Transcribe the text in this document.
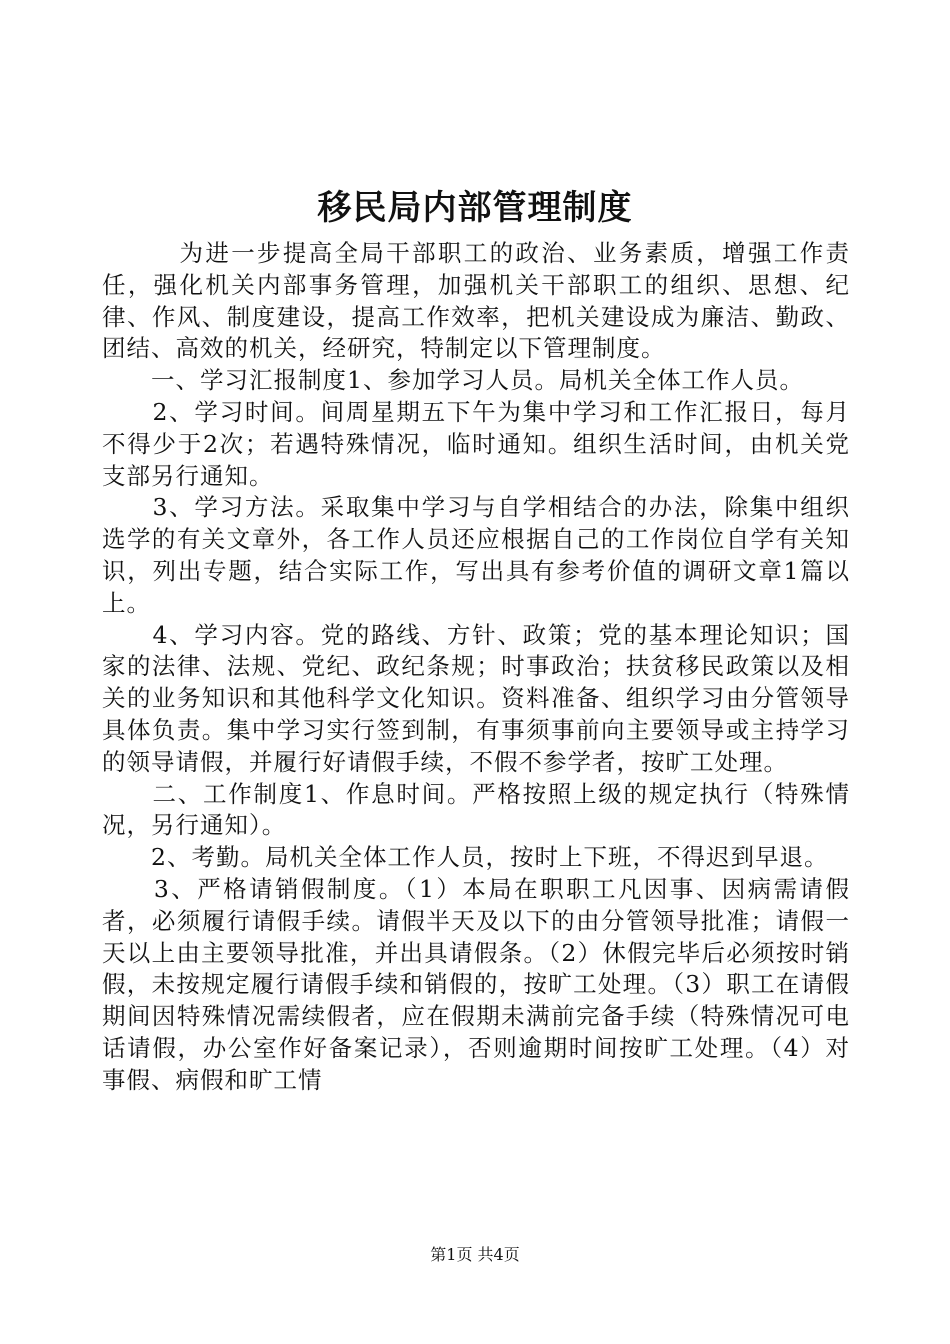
移民局内部管理制度

　　　为进一步提高全局干部职工的政治、业务素质，增强工作责任，强化机关内部事务管理，加强机关干部职工的组织、思想、纪律、作风、制度建设，提高工作效率，把机关建设成为廉洁、勤政、团结、高效的机关，经研究，特制定以下管理制度。

　　一、学习汇报制度1、参加学习人员。局机关全体工作人员。

　　2、学习时间。间周星期五下午为集中学习和工作汇报日，每月不得少于2次；若遇特殊情况，临时通知。组织生活时间，由机关党支部另行通知。

　　3、学习方法。采取集中学习与自学相结合的办法，除集中组织选学的有关文章外，各工作人员还应根据自己的工作岗位自学有关知识，列出专题，结合实际工作，写出具有参考价值的调研文章1篇以上。

　　4、学习内容。党的路线、方针、政策；党的基本理论知识；国家的法律、法规、党纪、政纪条规；时事政治；扶贫移民政策以及相关的业务知识和其他科学文化知识。资料准备、组织学习由分管领导具体负责。集中学习实行签到制，有事须事前向主要领导或主持学习的领导请假，并履行好请假手续，不假不参学者，按旷工处理。

　　二、工作制度1、作息时间。严格按照上级的规定执行（特殊情况，另行通知）。

　　2、考勤。局机关全体工作人员，按时上下班，不得迟到早退。

　　3、严格请销假制度。（1）本局在职职工凡因事、因病需请假者，必须履行请假手续。请假半天及以下的由分管领导批准；请假一天以上由主要领导批准，并出具请假条。（2）休假完毕后必须按时销假，未按规定履行请假手续和销假的，按旷工处理。（3）职工在请假期间因特殊情况需续假者，应在假期未满前完备手续（特殊情况可电话请假，办公室作好备案记录），否则逾期时间按旷工处理。（4）对事假、病假和旷工情

第1页 共4页
